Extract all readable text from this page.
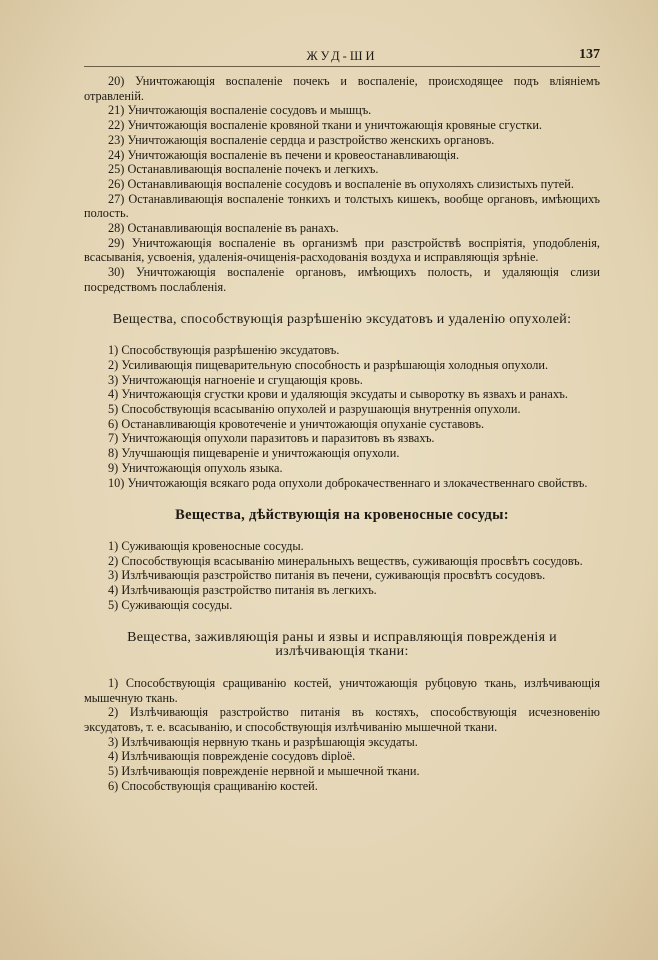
ЖУД-ШИ	137

20) Уничтожающія воспаленіе почекъ и воспаленіе, происходящее подъ вліяніемъ отравленій.

21) Уничтожающія воспаленіе сосудовъ и мышцъ.

22) Уничтожающія воспаленіе кровяной ткани и уничтожающія кровяные сгустки.

23) Уничтожающія воспаленіе сердца и разстройство женскихъ органовъ.

24) Уничтожающія воспаленіе въ печени и кровеостанавливающія.

25) Останавливающія воспаленіе почекъ и легкихъ.

26) Останавливающія воспаленіе сосудовъ и воспаленіе въ опухоляхъ слизистыхъ путей.

27) Останавливающія воспаленіе тонкихъ и толстыхъ кишекъ, вообще органовъ, имѣющихъ полость.

28) Останавливающія воспаленіе въ ранахъ.

29) Уничтожающія воспаленіе въ организмѣ при разстройствѣ воспріятія, уподобленія, всасыванія, усвоенія, удаленія-очищенія-расходованія воздуха и исправляющія зрѣніе.

30) Уничтожающія воспаленіе органовъ, имѣющихъ полость, и удаляющія слизи посредствомъ послабленія.

Вещества, способствующія разрѣшенію эксудатовъ и удаленію опухолей:

1) Способствующія разрѣшенію эксудатовъ.

2) Усиливающія пищеварительную способность и разрѣшающія холодныя опухоли.

3) Уничтожающія нагноеніе и сгущающія кровь.

4) Уничтожающія сгустки крови и удаляющія эксудаты и сыворотку въ язвахъ и ранахъ.

5) Способствующія всасыванію опухолей и разрушающія внутреннія опухоли.

6) Останавливающія кровотеченіе и уничтожающія опуханіе суставовъ.

7) Уничтожающія опухоли паразитовъ и паразитовъ въ язвахъ.

8) Улучшающія пищевареніе и уничтожающія опухоли.

9) Уничтожающія опухоль языка.

10) Уничтожающія всякаго рода опухоли доброкачественнаго и злокачественнаго свойствъ.

Вещества, дѣйствующія на кровеносные сосуды:

1) Суживающія кровеносные сосуды.

2) Способствующія всасыванію минеральныхъ веществъ, суживающія просвѣтъ сосудовъ.

3) Излѣчивающія разстройство питанія въ печени, суживающія просвѣтъ сосудовъ.

4) Излѣчивающія разстройство питанія въ легкихъ.

5) Суживающія сосуды.

Вещества, заживляющія раны и язвы и исправляющія поврежденія и излѣчивающія ткани:

1) Способствующія сращиванію костей, уничтожающія рубцовую ткань, излѣчивающія мышечную ткань.

2) Излѣчивающія разстройство питанія въ костяхъ, способствующія исчезновенію эксудатовъ, т. е. всасыванію, и способствующія излѣчиванію мышечной ткани.

3) Излѣчивающія нервную ткань и разрѣшающія эксудаты.

4) Излѣчивающія поврежденіе сосудовъ diploë.

5) Излѣчивающія поврежденіе нервной и мышечной ткани.

6) Способствующія сращиванію костей.
